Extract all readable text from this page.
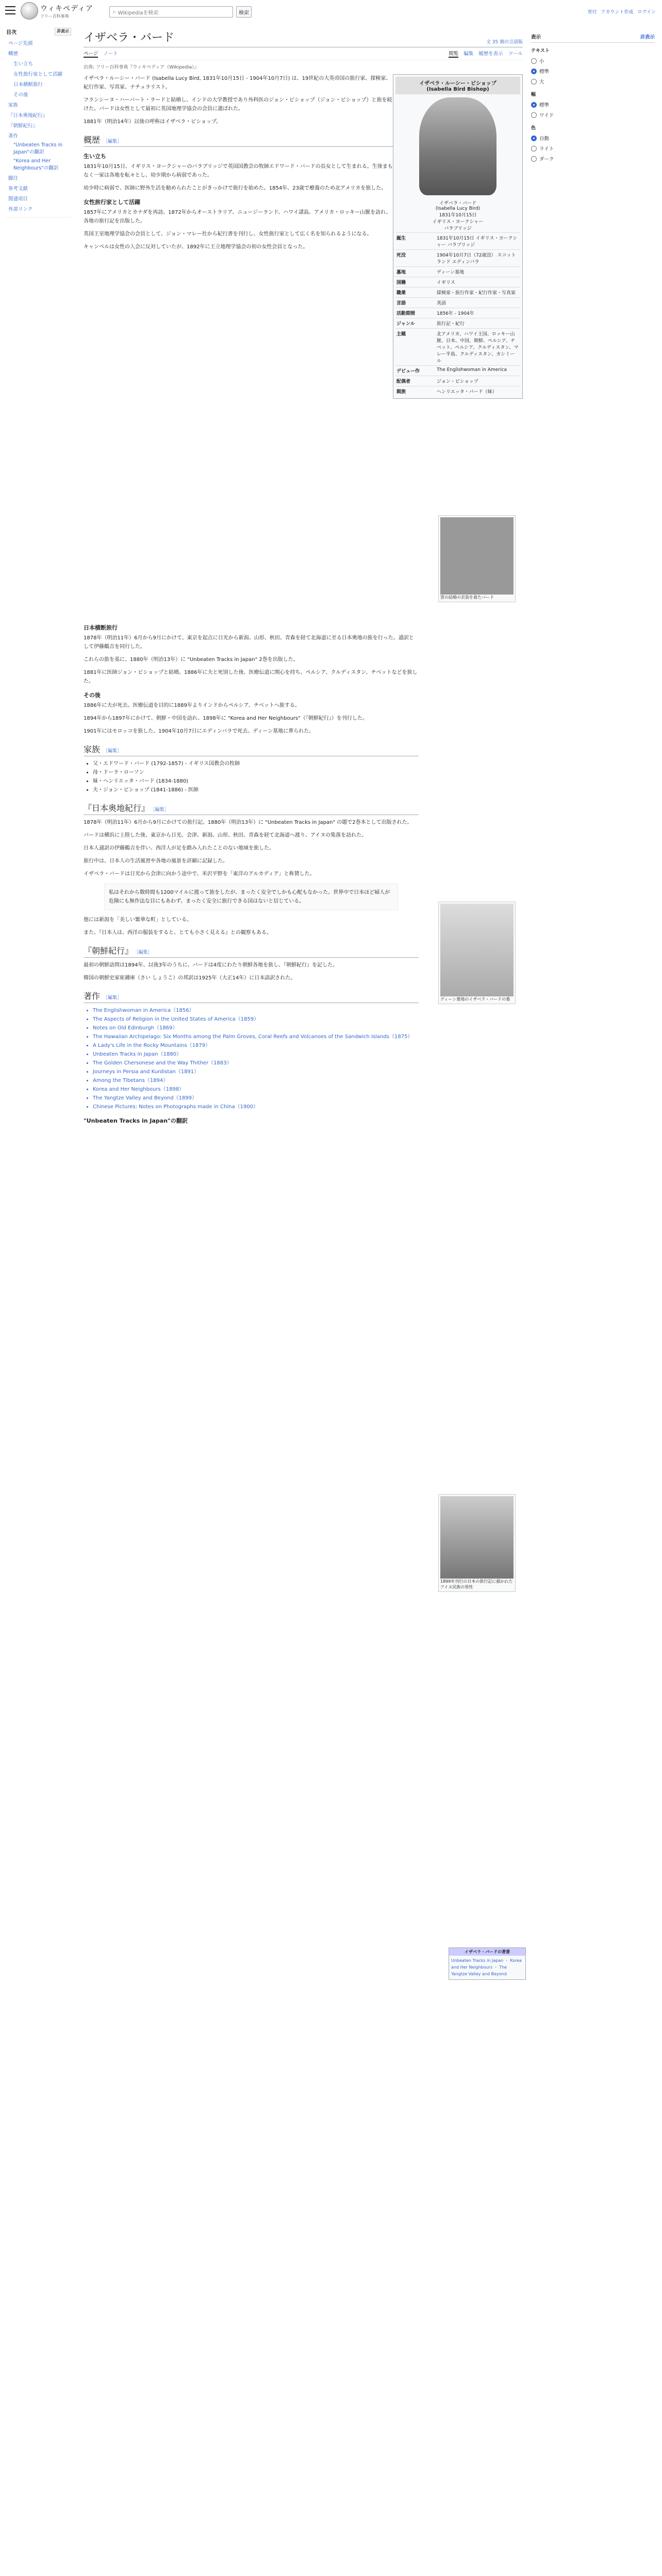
ウィキペディア
フリー百科事典
⌕ Wikipediaを検索	検索	寄付 アカウント作成 ログイン
目次	非表示
ページ先頭
概歴
生い立ち
女性旅行家として活躍
日本横断旅行
その後
家族
『日本奥地紀行』
『朝鮮紀行』
著作
"Unbeaten Tracks in Japan"の翻訳
"Korea and Her Neighbours"の翻訳
脚注
参考文献
関連項目
外部リンク
イザベラ・バード	文 35 個の言語版
ページ ノート	閲覧 編集 履歴を表示 ツール
出典: フリー百科事典『ウィキペディア（Wikipedia）』
イザベラ・ルーシー・ビショップ
(Isabella Bird Bishop)
イザベラ・バード
(Isabella Lucy Bird)
1831年10月15日
イギリス・ヨークシャー
バラブリッジ
誕生	1831年10月15日 イギリス・ヨークシャー バラブリッジ
死没	1904年10月7日（72歳没） スコットランド エディンバラ
墓地	ディーン墓地
国籍	イギリス
職業	探検家・旅行作家・紀行作家・写真家
言語	英語
活動期間	1856年 - 1904年
ジャンル	旅行記・紀行
主題	北アメリカ、ハワイ王国、ロッキー山脈、日本、中国、朝鮮、ペルシア、チベット、ペルシア、クルディスタン、マレー半島、クルディスタン、カシミール
デビュー作	The Englishwoman in America
配偶者	ジョン・ビショップ
親族	ヘンリエッタ・バード（妹）

イザベラ・ルーシー・バード (Isabella Lucy Bird, 1831年10月15日 - 1904年10月7日) は、19世紀の大英帝国の旅行家、探検家、紀行作家、写真家、ナチュラリスト。

フランシーヌ・ハーバート・ラードと結婚し、インドの大学教授であり外科医のジョン・ビショップ（ジョン・ビショップ）と旅を続けた。バードは女性として最初に英国地理学協会の会員に選ばれた。

1881年（明治14年）以後の呼称はイザベラ・ビショップ。

概歴 ［編集］
生い立ち

1831年10月15日、イギリス・ヨークシャーのバラブリッジで英国国教会の牧師エドワード・バードの長女として生まれる。生後まもなく一家は各地を転々とし、幼少期から病弱であった。

幼少時に病弱で、医師に野外生活を勧められたことがきっかけで旅行を始めた。1854年、23歳で療養のため北アメリカを旅した。

女性旅行家として活躍

1857年にアメリカとカナダを再訪、1872年からオーストラリア、ニュージーランド、ハワイ諸島、アメリカ・ロッキー山脈を訪れ、各地の旅行記を出版した。

英国王室地理学協会の会員として、ジョン・マレー社から紀行書を刊行し、女性旅行家として広く名を知られるようになる。

キャンベルは女性の入会に反対していたが、1892年に王立地理学協会の初の女性会員となった。

雲の結婚の衣装を着たバード
日本横断旅行

1878年（明治11年）6月から9月にかけて、東京を起点に日光から新潟、山形、秋田、青森を経て北海道に至る日本奥地の旅を行った。通訳として伊藤鶴吉を同行した。

これらの旅を基に、1880年（明治13年）に "Unbeaten Tracks in Japan" 2巻を出版した。

1881年に医師ジョン・ビショップと結婚。1886年に夫と死別した後、医療伝道に関心を持ち、ペルシア、クルディスタン、チベットなどを旅した。

その後

1886年に夫が死去。医療伝道を目的に1889年よりインドからペルシア、チベットへ旅する。

1894年から1897年にかけて、朝鮮・中国を訪れ、1898年に "Korea and Her Neighbours"（『朝鮮紀行』）を刊行した。

1901年にはモロッコを旅した。1904年10月7日にエディンバラで死去。ディーン墓地に葬られた。

家族 ［編集］
• 父・エドワード・バード (1792-1857) - イギリス国教会の牧師
• 母・ドーラ・ローソン
• 妹・ヘンリエッタ・バード (1834-1880)
• 夫・ジョン・ビショップ (1841-1886) - 医師
『日本奥地紀行』 ［編集］

1878年（明治11年）6月から9月にかけての旅行記。1880年（明治13年）に "Unbeaten Tracks in Japan" の題で2巻本として出版された。

バードは横浜に上陸した後、東京から日光、会津、新潟、山形、秋田、青森を経て北海道へ渡り、アイヌの集落を訪れた。

日本人通訳の伊藤鶴吉を伴い、西洋人が足を踏み入れたことのない地域を旅した。

旅行中は、日本人の生活風習や各地の風景を詳細に記録した。

イザベラ・バードは日光から会津に向かう途中で、米沢平野を「東洋のアルカディア」と称賛した。

私はそれから数時間も1200マイルに渡って旅をしたが、まったく安全でしかも心配もなかった。世界中で日本ほど婦人が危険にも無作法な目にもあわず、まったく安全に旅行できる国はないと信じている。

他には新潟を「美しい繁華な町」としている。

また、『日本人は、西洋の服装をすると、とても小さく見える』との観察もある。

『朝鮮紀行』 ［編集］

最初の朝鮮訪問は1894年、以後3年のうちに、バードは4度にわたり朝鮮各地を旅し、『朝鮮紀行』を記した。

韓国の朝鮮史家崔鍾庫（さい しょうこ）の邦訳は1925年（大正14年）に日本語訳された。

著作 ［編集］
• The Englishwoman in America（1856）
• The Aspects of Religion in the United States of America（1859）
• Notes on Old Edinburgh（1869）
• The Hawaiian Archipelago: Six Months among the Palm Groves, Coral Reefs and Volcanoes of the Sandwich Islands（1875）
• A Lady's Life in the Rocky Mountains（1879）
• Unbeaten Tracks in Japan（1880）
• The Golden Chersonese and the Way Thither（1883）
• Journeys in Persia and Kurdistan（1891）
• Among the Tibetans（1894）
• Korea and Her Neighbours（1898）
• The Yangtze Valley and Beyond（1899）
• Chinese Pictures: Notes on Photographs made in China（1900）
"Unbeaten Tracks in Japan"の翻訳
ディーン墓地のイザベラ・バードの墓
1899年刊行の日本の旅行記に描かれたアイヌ民族の男性
イザベラ・バードの著書
Unbeaten Tracks in Japan ・ Korea and Her Neighbours ・ The Yangtze Valley and Beyond
表示	非表示
テキスト
小
標準
大
幅
標準
ワイド
色
自動
ライト
ダーク
